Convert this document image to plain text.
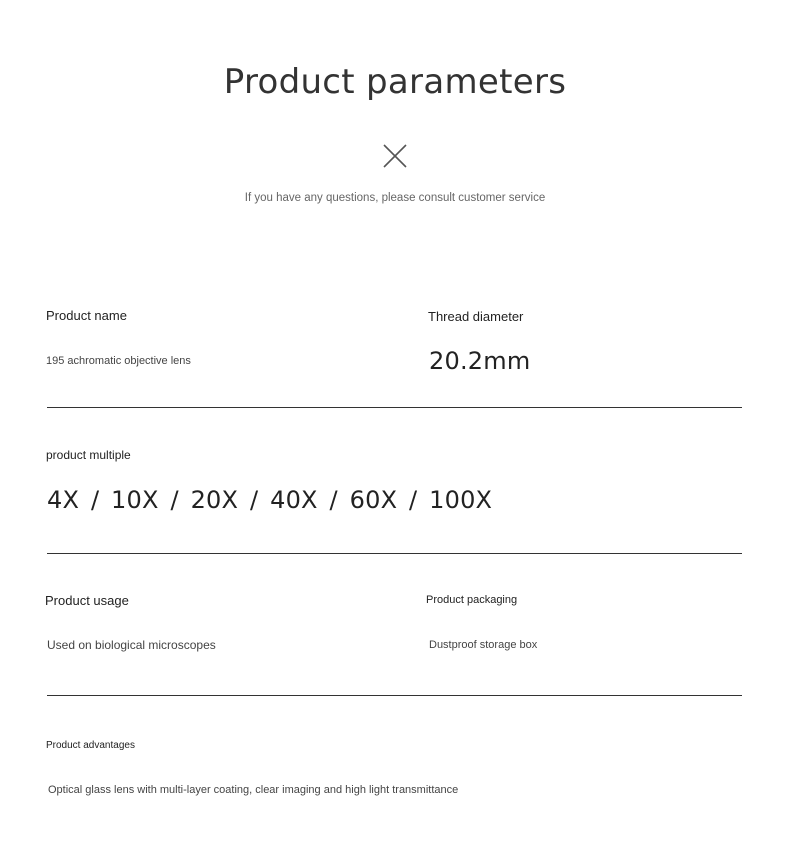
Product parameters
If you have any questions, please consult customer service
Product name
195 achromatic objective lens
Thread diameter
20.2mm
product multiple
4X / 10X / 20X / 40X / 60X / 100X
Product usage
Used on biological microscopes
Product packaging
Dustproof storage box
Product advantages
Optical glass lens with multi-layer coating, clear imaging and high light transmittance
